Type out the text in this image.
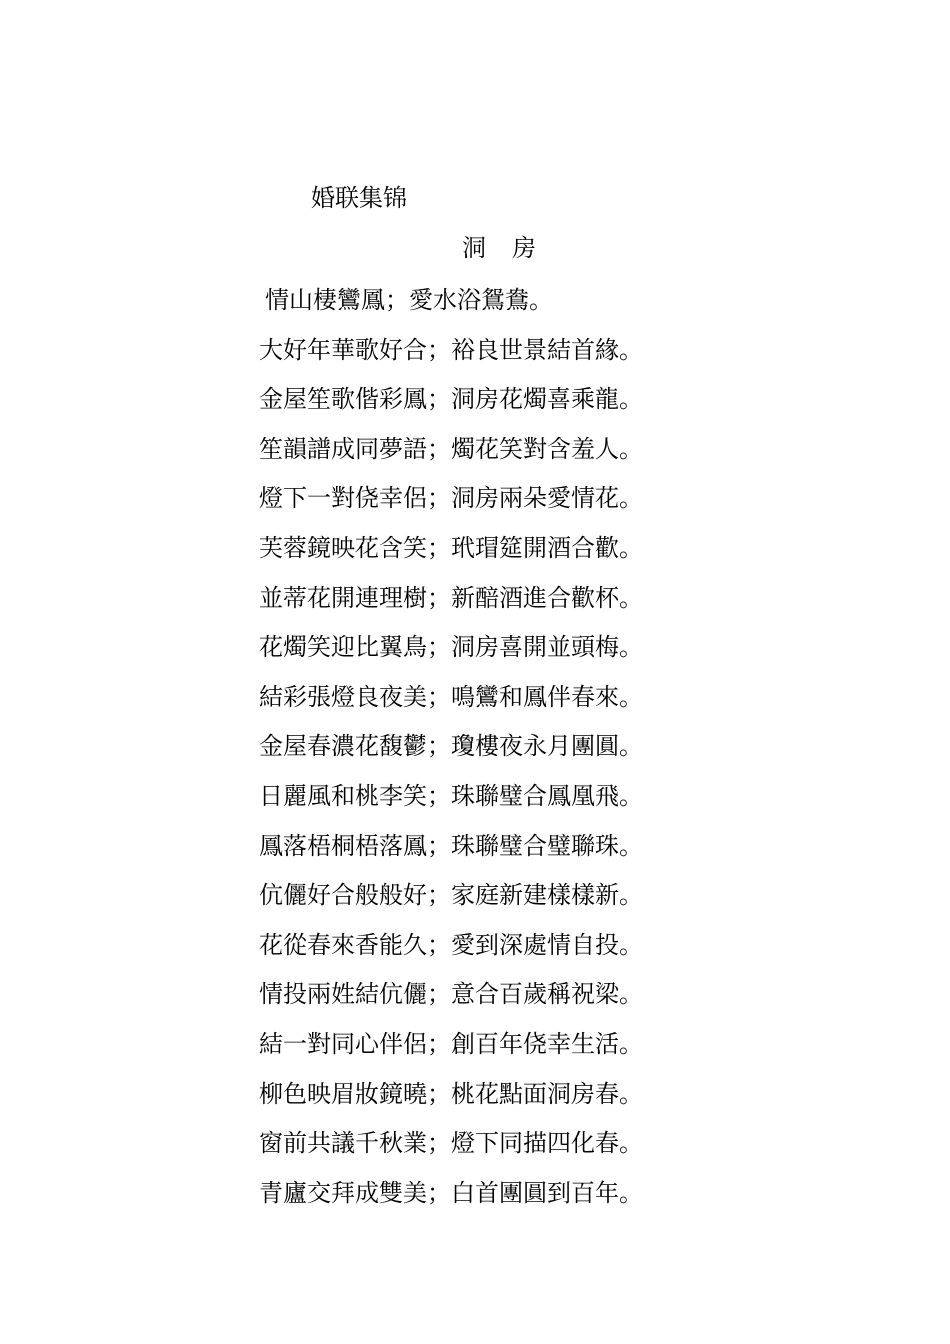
婚联集锦
洞房
情山棲鸞鳳；愛水浴鴛鴦。
大好年華歌好合；裕良世景結首緣。
金屋笙歌偕彩鳳；洞房花燭喜乘龍。
笙韻譜成同夢語；燭花笑對含羞人。
燈下一對侥幸侶；洞房兩朵愛情花。
芙蓉鏡映花含笑；玳瑁筵開酒合歡。
並蒂花開連理樹；新醅酒進合歡杯。
花燭笑迎比翼鳥；洞房喜開並頭梅。
結彩張燈良夜美；鳴鸞和鳳伴春來。
金屋春濃花馥鬱；瓊樓夜永月團圓。
日麗風和桃李笑；珠聯璧合鳳凰飛。
鳳落梧桐梧落鳳；珠聯璧合璧聯珠。
伉儷好合般般好；家庭新建樣樣新。
花從春來香能久；愛到深處情自投。
情投兩姓結伉儷；意合百歲稱祝梁。
結一對同心伴侶；創百年侥幸生活。
柳色映眉妝鏡曉；桃花點面洞房春。
窗前共議千秋業；燈下同描四化春。
青廬交拜成雙美；白首團圓到百年。
